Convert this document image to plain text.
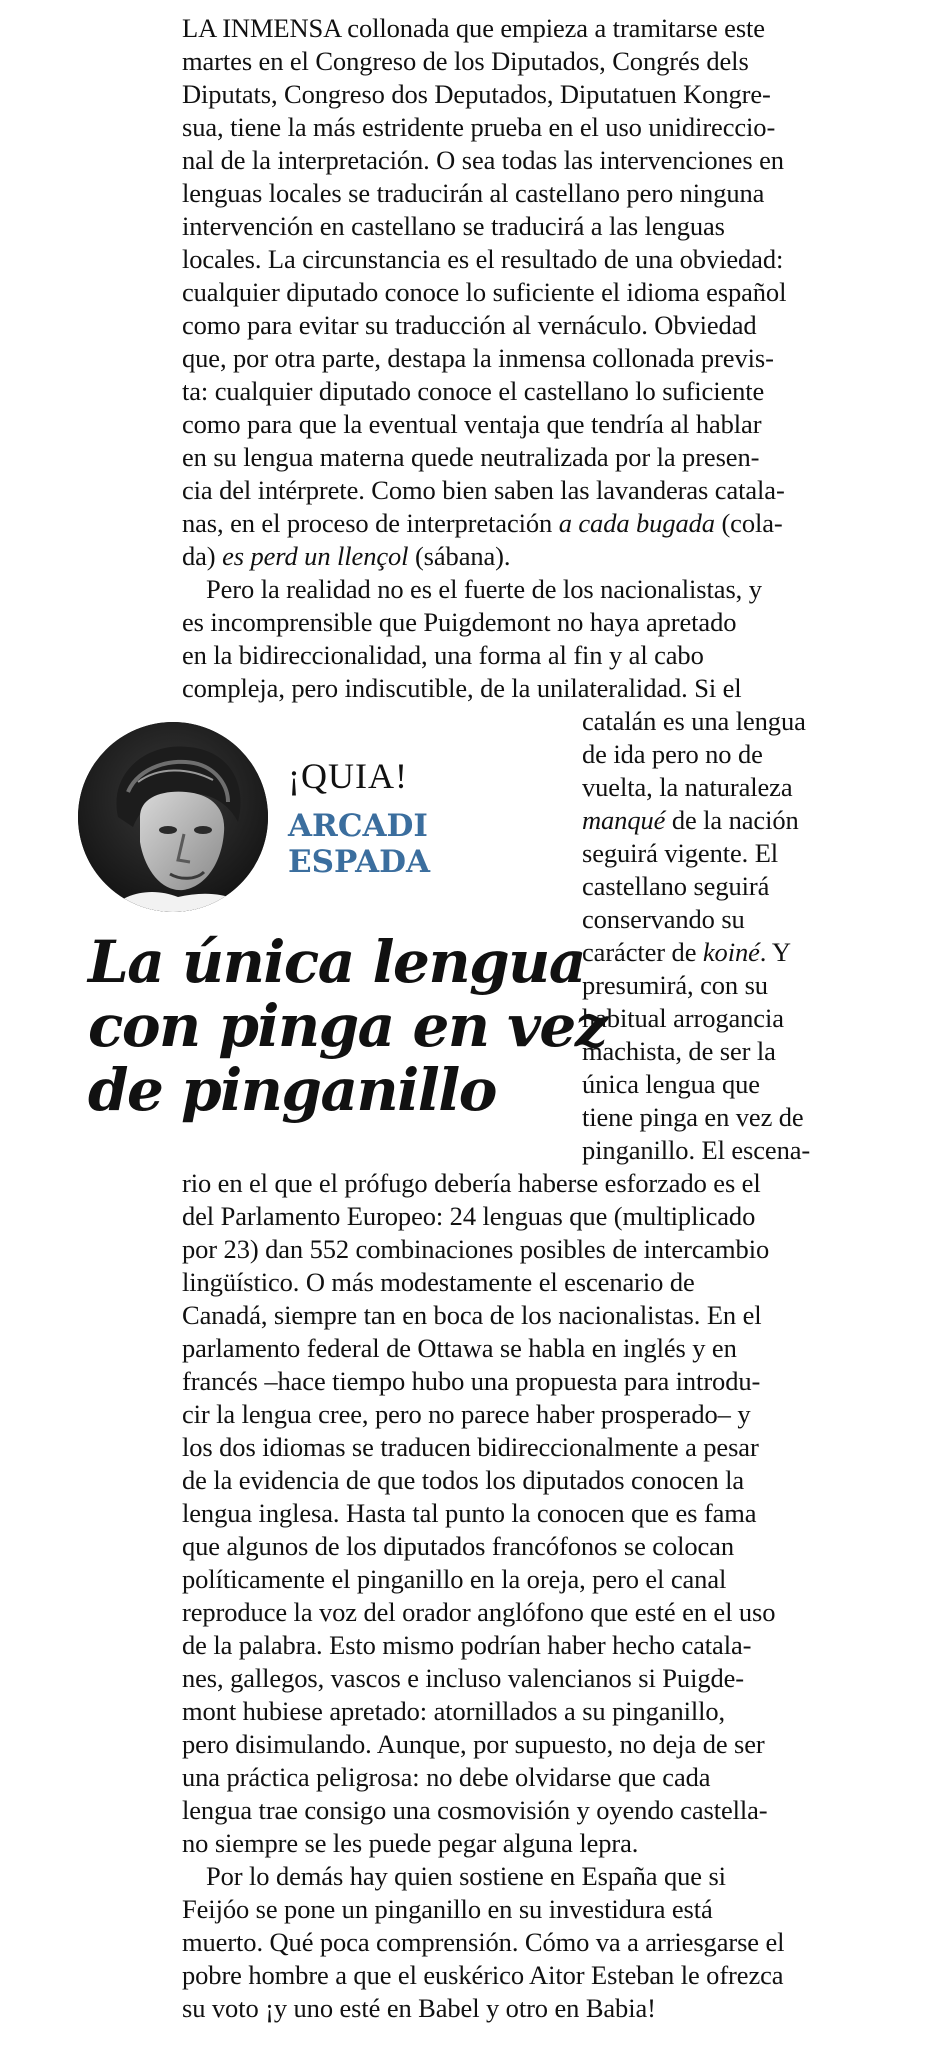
LA INMENSA collonada que empieza a tramitarse este
martes en el Congreso de los Diputados, Congrés dels
Diputats, Congreso dos Deputados, Diputatuen Kongre-
sua, tiene la más estridente prueba en el uso unidireccio-
nal de la interpretación. O sea todas las intervenciones en
lenguas locales se traducirán al castellano pero ninguna
intervención en castellano se traducirá a las lenguas
locales. La circunstancia es el resultado de una obviedad:
cualquier diputado conoce lo suficiente el idioma español
como para evitar su traducción al vernáculo. Obviedad
que, por otra parte, destapa la inmensa collonada previs-
ta: cualquier diputado conoce el castellano lo suficiente
como para que la eventual ventaja que tendría al hablar
en su lengua materna quede neutralizada por la presen-
cia del intérprete. Como bien saben las lavanderas catala-
nas, en el proceso de interpretación a cada bugada (cola-
da) es perd un llençol (sábana).
Pero la realidad no es el fuerte de los nacionalistas, y
es incomprensible que Puigdemont no haya apretado
en la bidireccionalidad, una forma al fin y al cabo
compleja, pero indiscutible, de la unilateralidad. Si el
¡QUIA!
ARCADI
ESPADA
La única lengua
con pinga en vez
de pinganillo
catalán es una lengua
de ida pero no de
vuelta, la naturaleza
manqué de la nación
seguirá vigente. El
castellano seguirá
conservando su
carácter de koiné. Y
presumirá, con su
habitual arrogancia
machista, de ser la
única lengua que
tiene pinga en vez de
pinganillo. El escena-
rio en el que el prófugo debería haberse esforzado es el
del Parlamento Europeo: 24 lenguas que (multiplicado
por 23) dan 552 combinaciones posibles de intercambio
lingüístico. O más modestamente el escenario de
Canadá, siempre tan en boca de los nacionalistas. En el
parlamento federal de Ottawa se habla en inglés y en
francés –hace tiempo hubo una propuesta para introdu-
cir la lengua cree, pero no parece haber prosperado– y
los dos idiomas se traducen bidireccionalmente a pesar
de la evidencia de que todos los diputados conocen la
lengua inglesa. Hasta tal punto la conocen que es fama
que algunos de los diputados francófonos se colocan
políticamente el pinganillo en la oreja, pero el canal
reproduce la voz del orador anglófono que esté en el uso
de la palabra. Esto mismo podrían haber hecho catala-
nes, gallegos, vascos e incluso valencianos si Puigde-
mont hubiese apretado: atornillados a su pinganillo,
pero disimulando. Aunque, por supuesto, no deja de ser
una práctica peligrosa: no debe olvidarse que cada
lengua trae consigo una cosmovisión y oyendo castella-
no siempre se les puede pegar alguna lepra.
Por lo demás hay quien sostiene en España que si
Feijóo se pone un pinganillo en su investidura está
muerto. Qué poca comprensión. Cómo va a arriesgarse el
pobre hombre a que el euskérico Aitor Esteban le ofrezca
su voto ¡y uno esté en Babel y otro en Babia!
